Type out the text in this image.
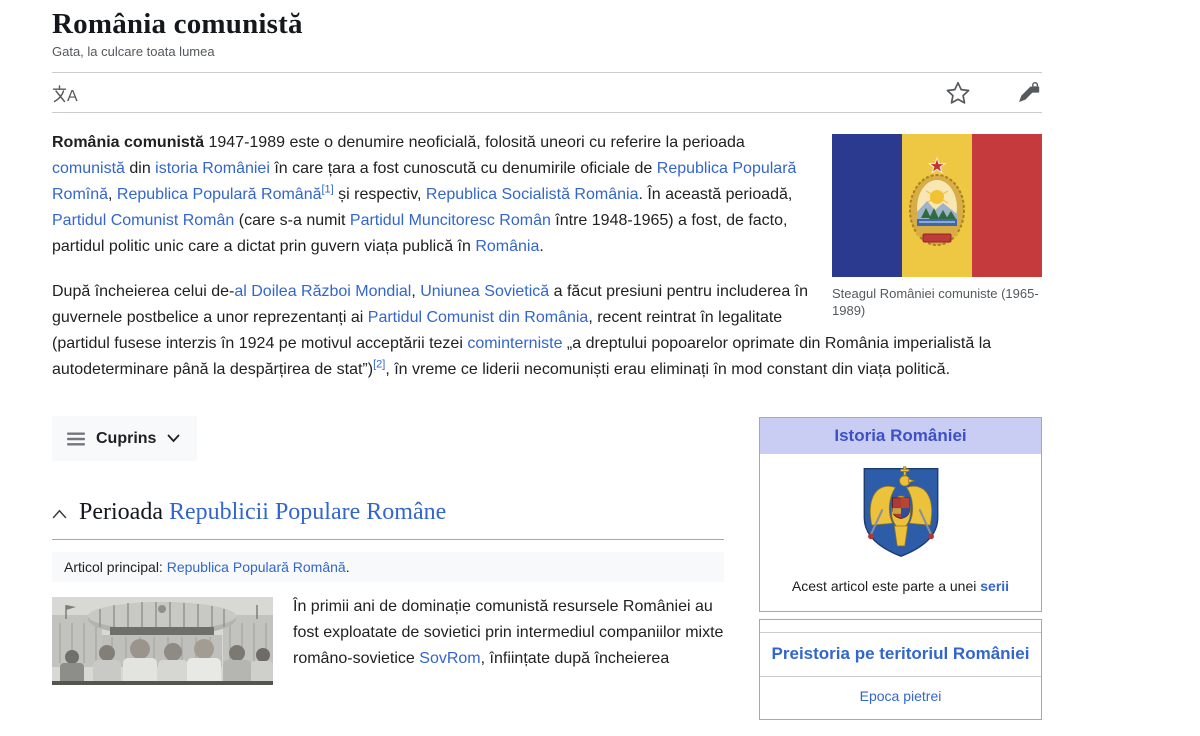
România comunistă
Gata, la culcare toata lumea
A
Steagul României comuniste (1965-1989)

România comunistă 1947-1989 este o denumire neoficială, folosită uneori cu referire la perioada comunistă din istoria României în care țara a fost cunoscută cu denumirile oficiale de Republica Populară Romînă, Republica Populară Română[1] și respectiv, Republica Socialistă România. În această perioadă, Partidul Comunist Român (care s-a numit Partidul Muncitoresc Român între 1948-1965) a fost, de facto, partidul politic unic care a dictat prin guvern viața publică în România.

După încheierea celui de-al Doilea Război Mondial, Uniunea Sovietică a făcut presiuni pentru includerea în guvernele postbelice a unor reprezentanți ai Partidul Comunist din România, recent reintrat în legalitate (partidul fusese interzis în 1924 pe motivul acceptării tezei cominterniste „a dreptului popoarelor oprimate din România imperialistă la autodeterminare până la despărțirea de stat”)[2], în vreme ce liderii necomuniști erau eliminați în mod constant din viața politică.

Istoria României
Acest articol este parte a unei serii
Preistoria pe teritoriul României
Epoca pietrei
Cuprins
Perioada Republicii Populare Române
Articol principal: Republica Populară Română.

În primii ani de dominație comunistă resursele României au fost exploatate de sovietici prin intermediul companiilor mixte româno-sovietice SovRom, înființate după încheierea
